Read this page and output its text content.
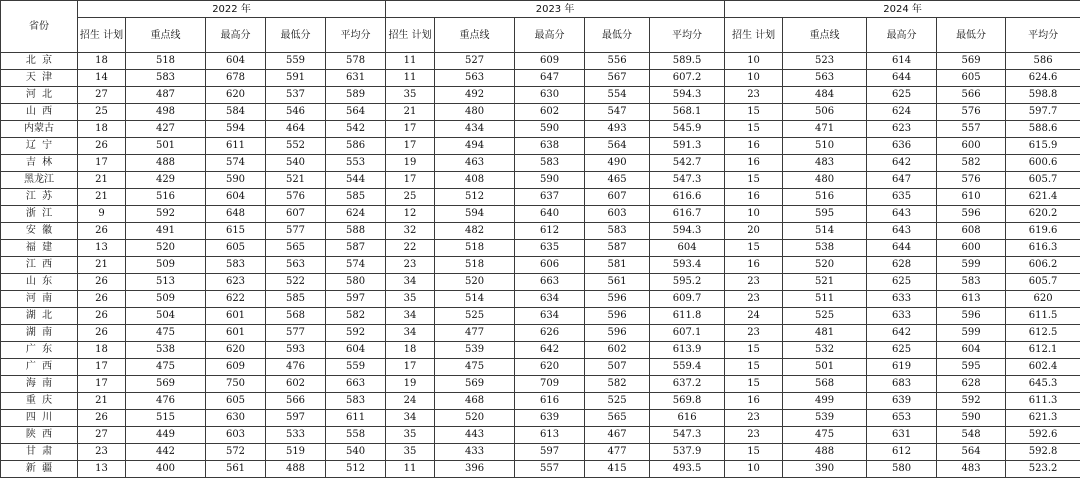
省份	2022 年					2023 年					2024 年				
	招生 计划	重点线	最高分	最低分	平均分	招生 计划	重点线	最高分	最低分	平均分	招生 计划	重点线	最高分	最低分	平均分
北  京	18	518	604	559	578	11	527	609	556	589.5	10	523	614	569	586
天  津	14	583	678	591	631	11	563	647	567	607.2	10	563	644	605	624.6
河  北	27	487	620	537	589	35	492	630	554	594.3	23	484	625	566	598.8
山  西	25	498	584	546	564	21	480	602	547	568.1	15	506	624	576	597.7
内蒙古	18	427	594	464	542	17	434	590	493	545.9	15	471	623	557	588.6
辽  宁	26	501	611	552	586	17	494	638	564	591.3	16	510	636	600	615.9
吉  林	17	488	574	540	553	19	463	583	490	542.7	16	483	642	582	600.6
黑龙江	21	429	590	521	544	17	408	590	465	547.3	15	480	647	576	605.7
江  苏	21	516	604	576	585	25	512	637	607	616.6	16	516	635	610	621.4
浙  江	9	592	648	607	624	12	594	640	603	616.7	10	595	643	596	620.2
安  徽	26	491	615	577	588	32	482	612	583	594.3	20	514	643	608	619.6
福  建	13	520	605	565	587	22	518	635	587	604	15	538	644	600	616.3
江  西	21	509	583	563	574	23	518	606	581	593.4	16	520	628	599	606.2
山  东	26	513	623	522	580	34	520	663	561	595.2	23	521	625	583	605.7
河  南	26	509	622	585	597	35	514	634	596	609.7	23	511	633	613	620
湖  北	26	504	601	568	582	34	525	634	596	611.8	24	525	633	596	611.5
湖  南	26	475	601	577	592	34	477	626	596	607.1	23	481	642	599	612.5
广  东	18	538	620	593	604	18	539	642	602	613.9	15	532	625	604	612.1
广  西	17	475	609	476	559	17	475	620	507	559.4	15	501	619	595	602.4
海  南	17	569	750	602	663	19	569	709	582	637.2	15	568	683	628	645.3
重  庆	21	476	605	566	583	24	468	616	525	569.8	16	499	639	592	611.3
四  川	26	515	630	597	611	34	520	639	565	616	23	539	653	590	621.3
陕  西	27	449	603	533	558	35	443	613	467	547.3	23	475	631	548	592.6
甘  肃	23	442	572	519	540	35	433	597	477	537.9	15	488	612	564	592.8
新  疆	13	400	561	488	512	11	396	557	415	493.5	10	390	580	483	523.2
